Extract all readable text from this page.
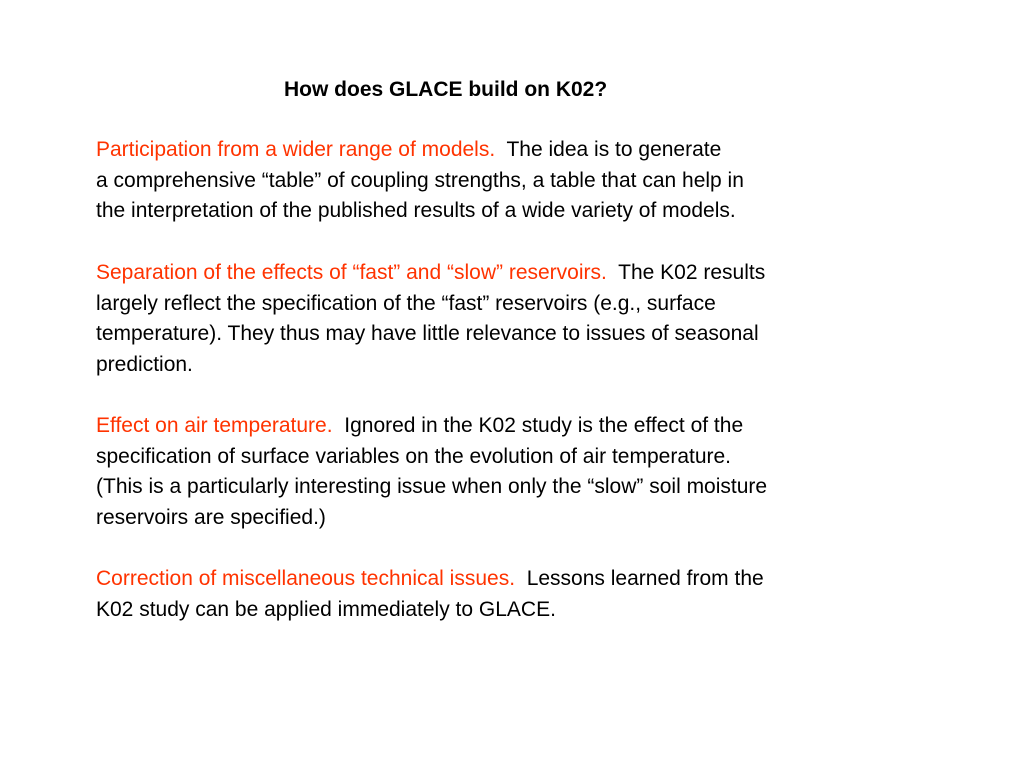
How does GLACE build on K02?
Participation from a wider range of models. The idea is to generate
a comprehensive “table” of coupling strengths, a table that can help in
the interpretation of the published results of a wide variety of models.
Separation of the effects of “fast” and “slow” reservoirs. The K02 results
largely reflect the specification of the “fast” reservoirs (e.g., surface
temperature). They thus may have little relevance to issues of seasonal
prediction.
Effect on air temperature. Ignored in the K02 study is the effect of the
specification of surface variables on the evolution of air temperature.
(This is a particularly interesting issue when only the “slow” soil moisture
reservoirs are specified.)
Correction of miscellaneous technical issues. Lessons learned from the
K02 study can be applied immediately to GLACE.
